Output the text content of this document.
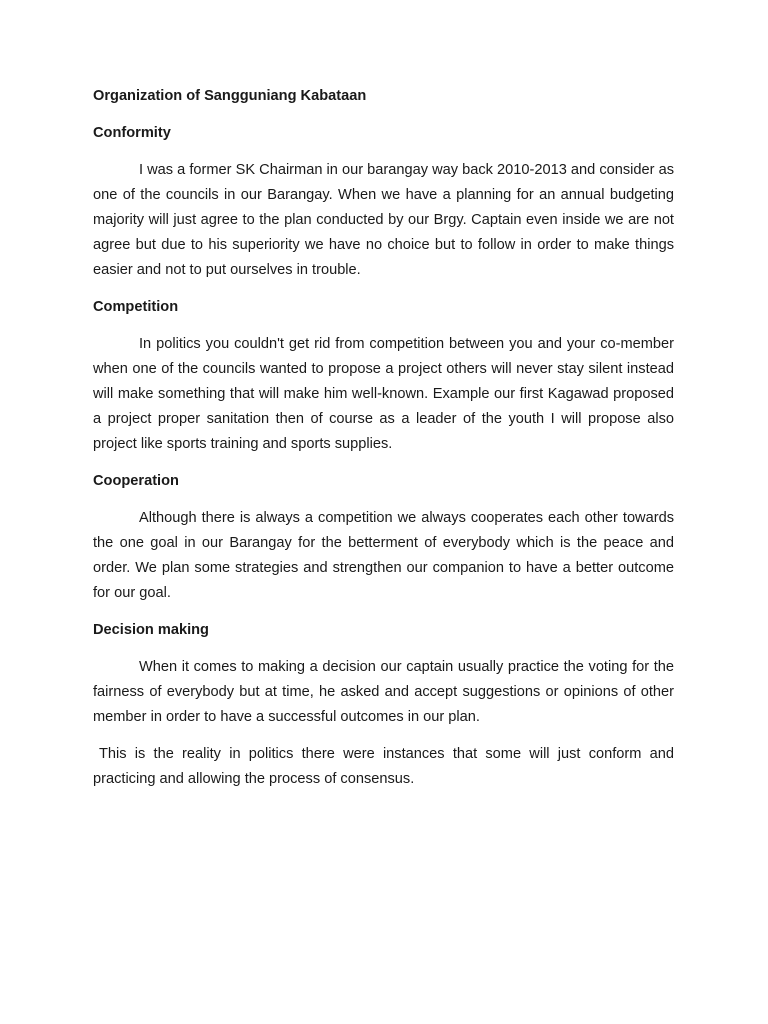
Organization of Sangguniang Kabataan

Conformity

I was a former SK Chairman in our barangay way back 2010-2013 and consider as one of the councils in our Barangay. When we have a planning for an annual budgeting majority will just agree to the plan conducted by our Brgy. Captain even inside we are not agree but due to his superiority we have no choice but to follow in order to make things easier and not to put ourselves in trouble.

Competition

In politics you couldn't get rid from competition between you and your co-member when one of the councils wanted to propose a project others will never stay silent instead will make something that will make him well-known. Example our first Kagawad proposed a project proper sanitation then of course as a leader of the youth I will propose also project like sports training and sports supplies.

Cooperation

Although there is always a competition we always cooperates each other towards the one goal in our Barangay for the betterment of everybody which is the peace and order. We plan some strategies and strengthen our companion to have a better outcome for our goal.

Decision making

When it comes to making a decision our captain usually practice the voting for the fairness of everybody but at time, he asked and accept suggestions or opinions of other member in order to have a successful outcomes in our plan.

This is the reality in politics there were instances that some will just conform and practicing and allowing the process of consensus.
